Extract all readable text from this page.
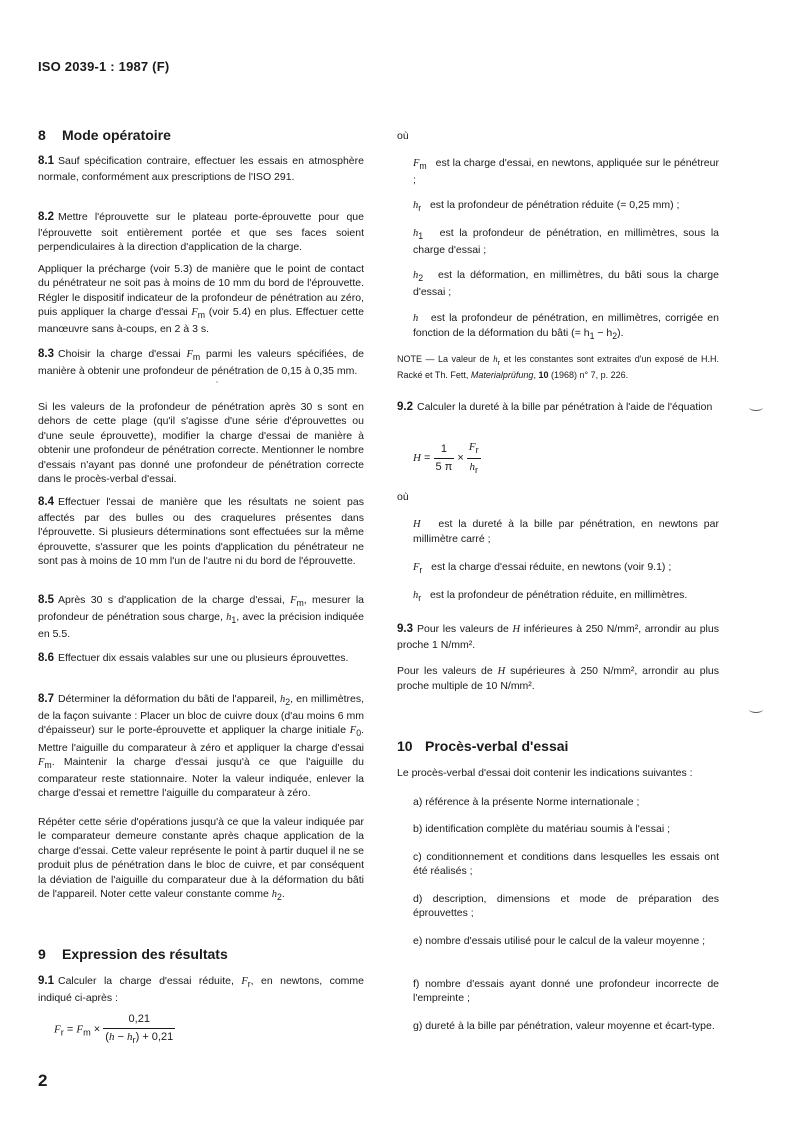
ISO 2039-1 : 1987 (F)
8 Mode opératoire

8.1 Sauf spécification contraire, effectuer les essais en atmosphère normale, conformément aux prescriptions de l'ISO 291.

8.2 Mettre l'éprouvette sur le plateau porte-éprouvette pour que l'éprouvette soit entièrement portée et que ses faces soient perpendiculaires à la direction d'application de la charge.

Appliquer la précharge (voir 5.3) de manière que le point de contact du pénétrateur ne soit pas à moins de 10 mm du bord de l'éprouvette. Régler le dispositif indicateur de la profondeur de pénétration au zéro, puis appliquer la charge d'essai $F_m$ (voir 5.4) en plus. Effectuer cette manœuvre sans à-coups, en 2 à 3 s.

8.3 Choisir la charge d'essai $F_m$ parmi les valeurs spécifiées, de manière à obtenir une profondeur de pénétration de 0,15 à 0,35 mm.

Si les valeurs de la profondeur de pénétration après 30 s sont en dehors de cette plage (qu'il s'agisse d'une série d'éprouvettes ou d'une seule éprouvette), modifier la charge d'essai de manière à obtenir une profondeur de pénétration correcte. Mentionner le nombre d'essais n'ayant pas donné une profondeur de pénétration correcte dans le procès-verbal d'essai.

8.4 Effectuer l'essai de manière que les résultats ne soient pas affectés par des bulles ou des craquelures présentes dans l'éprouvette. Si plusieurs déterminations sont effectuées sur la même éprouvette, s'assurer que les points d'application du pénétrateur ne sont pas à moins de 10 mm l'un de l'autre ni du bord de l'éprouvette.

8.5 Après 30 s d'application de la charge d'essai, $F_m$, mesurer la profondeur de pénétration sous charge, $h_1$, avec la précision indiquée en 5.5.

8.6 Effectuer dix essais valables sur une ou plusieurs éprouvettes.

8.7 Déterminer la déformation du bâti de l'appareil, $h_2$, en millimètres, de la façon suivante : Placer un bloc de cuivre doux (d'au moins 6 mm d'épaisseur) sur le porte-éprouvette et appliquer la charge initiale $F_0$. Mettre l'aiguille du comparateur à zéro et appliquer la charge d'essai $F_m$. Maintenir la charge d'essai jusqu'à ce que l'aiguille du comparateur reste stationnaire. Noter la valeur indiquée, enlever la charge d'essai et remettre l'aiguille du comparateur à zéro.

Répéter cette série d'opérations jusqu'à ce que la valeur indiquée par le comparateur demeure constante après chaque application de la charge d'essai. Cette valeur représente le point à partir duquel il ne se produit plus de pénétration dans le bloc de cuivre, et par conséquent la déviation de l'aiguille du comparateur due à la déformation du bâti de l'appareil. Noter cette valeur constante comme $h_2$.

9 Expression des résultats

9.1 Calculer la charge d'essai réduite, $F_r$, en newtons, comme indiqué ci-après :

$F_r = F_m \times \frac{0,21}{(h - h_r) + 0,21}$

où

$F_m$ est la charge d'essai, en newtons, appliquée sur le pénétreur ;

$h_r$ est la profondeur de pénétration réduite (= 0,25 mm) ;

$h_1$ est la profondeur de pénétration, en millimètres, sous la charge d'essai ;

$h_2$ est la déformation, en millimètres, du bâti sous la charge d'essai ;

h est la profondeur de pénétration, en millimètres, corrigée en fonction de la déformation du bâti (= $h_1 - h_2$).

NOTE — La valeur de $h_r$ et les constantes sont extraites d'un exposé de H.H. Racké et Th. Fett, Materialprüfung, 10 (1968) n° 7, p. 226.

9.2 Calculer la dureté à la bille par pénétration à l'aide de l'équation

$H = \frac{1}{5 \pi} \times \frac{F_r}{h_r}$

où

H est la dureté à la bille par pénétration, en newtons par millimètre carré ;

$F_r$ est la charge d'essai réduite, en newtons (voir 9.1) ;

$h_r$ est la profondeur de pénétration réduite, en millimètres.

9.3 Pour les valeurs de H inférieures à 250 N/mm², arrondir au plus proche 1 N/mm².

Pour les valeurs de H supérieures à 250 N/mm², arrondir au plus proche multiple de 10 N/mm².

10 Procès-verbal d'essai

Le procès-verbal d'essai doit contenir les indications suivantes :

a) référence à la présente Norme internationale ;

b) identification complète du matériau soumis à l'essai ;

c) conditionnement et conditions dans lesquelles les essais ont été réalisés ;

d) description, dimensions et mode de préparation des éprouvettes ;

e) nombre d'essais utilisé pour le calcul de la valeur moyenne ;

f) nombre d'essais ayant donné une profondeur incorrecte de l'empreinte ;

g) dureté à la bille par pénétration, valeur moyenne et écart-type.

2
